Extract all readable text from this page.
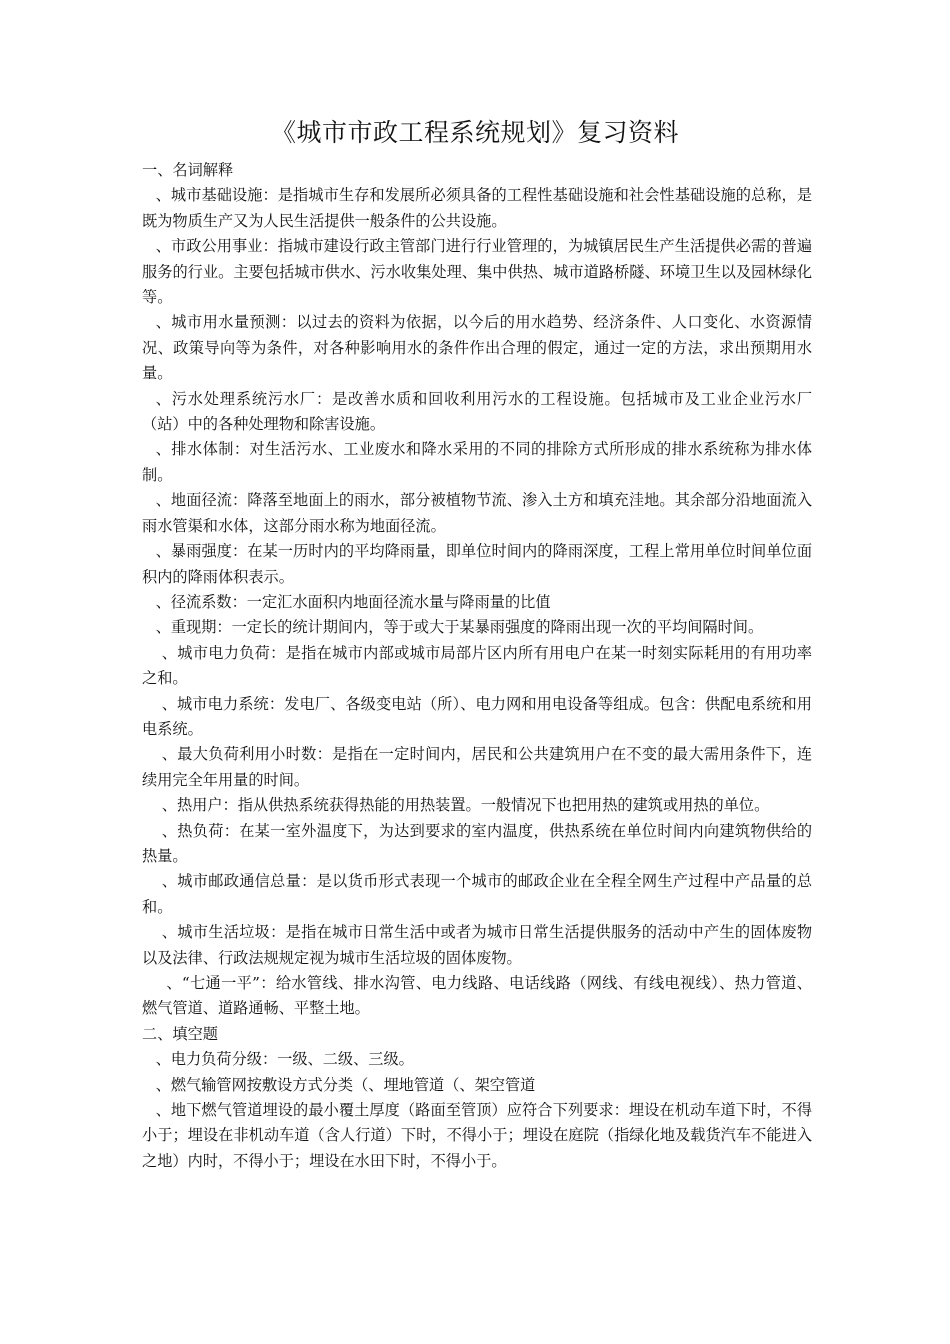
《城市市政工程系统规划》复习资料

一、名词解释

、城市基础设施：是指城市生存和发展所必须具备的工程性基础设施和社会性基础设施的总称，是既为物质生产又为人民生活提供一般条件的公共设施。

、市政公用事业：指城市建设行政主管部门进行行业管理的，为城镇居民生产生活提供必需的普遍服务的行业。主要包括城市供水、污水收集处理、集中供热、城市道路桥隧、环境卫生以及园林绿化等。

、城市用水量预测：以过去的资料为依据，以今后的用水趋势、经济条件、人口变化、水资源情况、政策导向等为条件，对各种影响用水的条件作出合理的假定，通过一定的方法，求出预期用水量。

、污水处理系统污水厂：是改善水质和回收利用污水的工程设施。包括城市及工业企业污水厂（站）中的各种处理物和除害设施。

、排水体制：对生活污水、工业废水和降水采用的不同的排除方式所形成的排水系统称为排水体制。

、地面径流：降落至地面上的雨水，部分被植物节流、渗入土方和填充洼地。其余部分沿地面流入雨水管渠和水体，这部分雨水称为地面径流。

、暴雨强度：在某一历时内的平均降雨量，即单位时间内的降雨深度，工程上常用单位时间单位面积内的降雨体积表示。

、径流系数：一定汇水面积内地面径流水量与降雨量的比值

、重现期：一定长的统计期间内，等于或大于某暴雨强度的降雨出现一次的平均间隔时间。

、城市电力负荷：是指在城市内部或城市局部片区内所有用电户在某一时刻实际耗用的有用功率之和。

、城市电力系统：发电厂、各级变电站（所）、电力网和用电设备等组成。包含：供配电系统和用电系统。

、最大负荷利用小时数：是指在一定时间内，居民和公共建筑用户在不变的最大需用条件下，连续用完全年用量的时间。

、热用户：指从供热系统获得热能的用热装置。一般情况下也把用热的建筑或用热的单位。

、热负荷：在某一室外温度下，为达到要求的室内温度，供热系统在单位时间内向建筑物供给的热量。

、城市邮政通信总量：是以货币形式表现一个城市的邮政企业在全程全网生产过程中产品量的总和。

、城市生活垃圾：是指在城市日常生活中或者为城市日常生活提供服务的活动中产生的固体废物以及法律、行政法规规定视为城市生活垃圾的固体废物。

、“七通一平”：给水管线、排水沟管、电力线路、电话线路（网线、有线电视线）、热力管道、燃气管道、道路通畅、平整土地。

二、填空题

、电力负荷分级：一级、二级、三级。

、燃气输管网按敷设方式分类（、埋地管道（、架空管道

、地下燃气管道埋设的最小覆土厚度（路面至管顶）应符合下列要求：埋设在机动车道下时，不得小于；埋设在非机动车道（含人行道）下时，不得小于；埋设在庭院（指绿化地及载货汽车不能进入之地）内时，不得小于；埋设在水田下时，不得小于。
